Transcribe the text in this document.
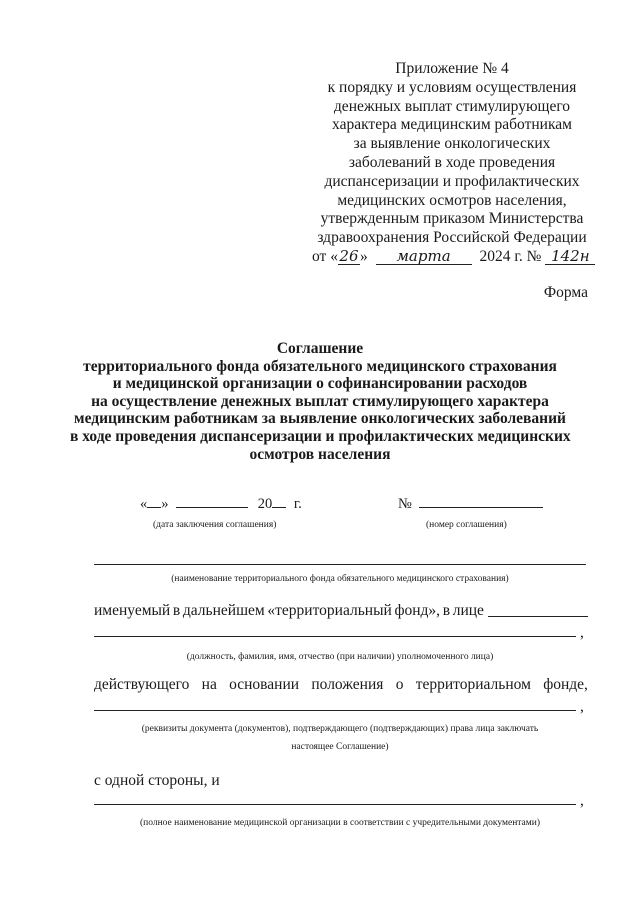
Приложение № 4
к порядку и условиям осуществления
денежных выплат стимулирующего
характера медицинским работникам
за выявление онкологических
заболеваний в ходе проведения
диспансеризации и профилактических
медицинских осмотров населения,
утвержденным приказом Министерства
здравоохранения Российской Федерации
от «26» марта 2024 г. № 142н
Форма
Соглашение
территориального фонда обязательного медицинского страхования
и медицинской организации о софинансировании расходов
на осуществление денежных выплат стимулирующего характера
медицинским работникам за выявление онкологических заболеваний
в ходе проведения диспансеризации и профилактических медицинских
осмотров населения
« »	20 г.
(дата заключения соглашения)
№
(номер соглашения)
(наименование территориального фонда обязательного медицинского страхования)
именуемый в дальнейшем «территориальный фонд», в лице
,
(должность, фамилия, имя, отчество (при наличии) уполномоченного лица)
действующего на основании положения о территориальном фонде,
,
(реквизиты документа (документов), подтверждающего (подтверждающих) права лица заключать
настоящее Соглашение)
с одной стороны, и
,
(полное наименование медицинской организации в соответствии с учредительными документами)
